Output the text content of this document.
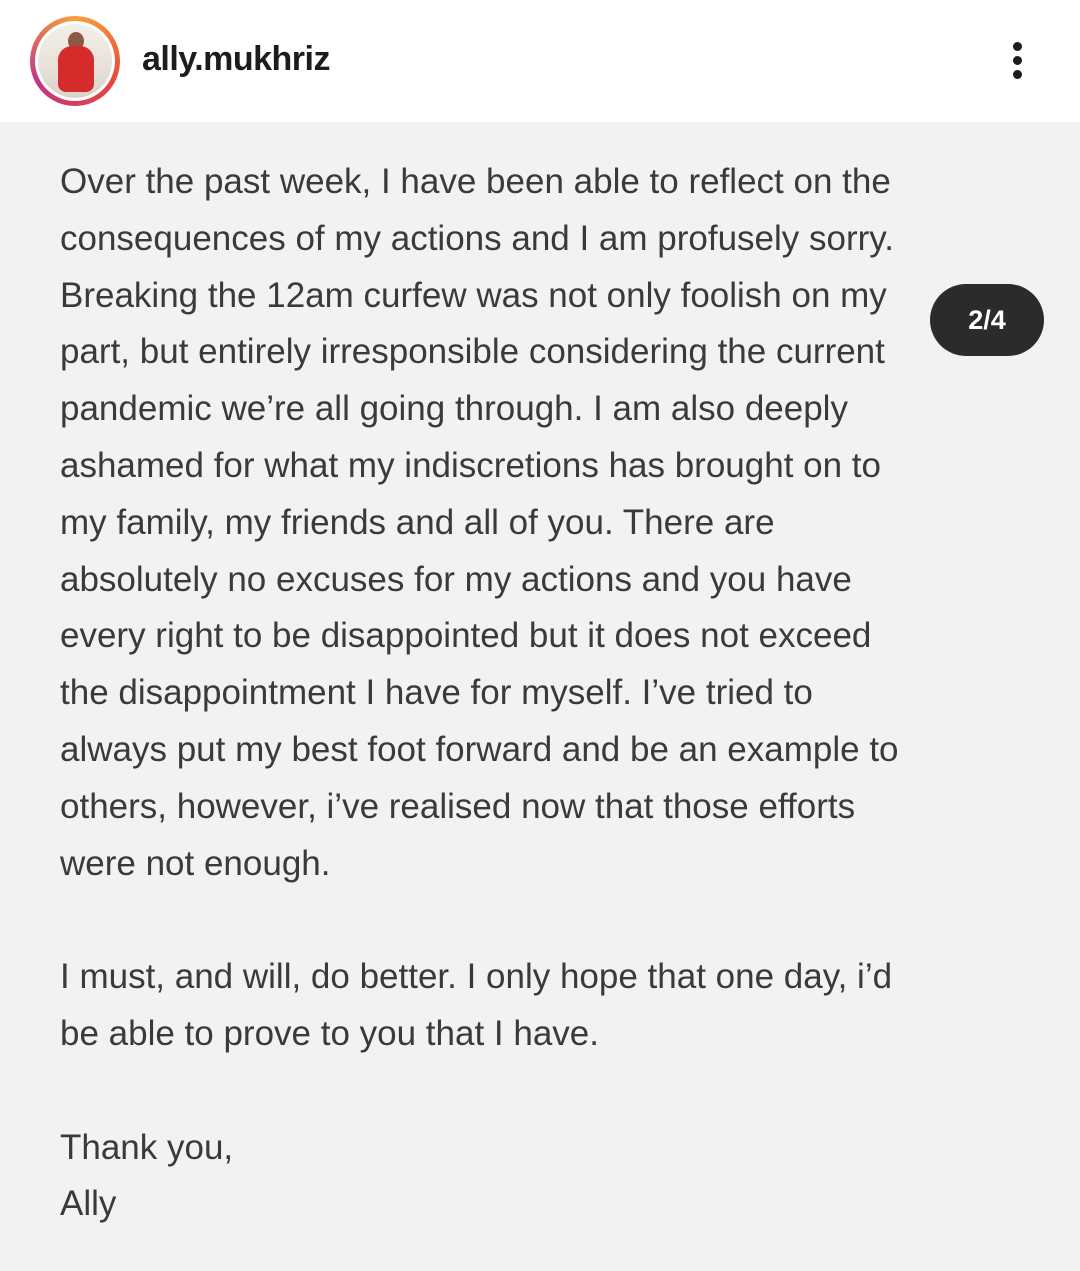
ally.mukhriz
2/4

Over the past week, I have been able to reflect on the
consequences of my actions and I am profusely sorry.
Breaking the 12am curfew was not only foolish on my
part, but entirely irresponsible considering the current
pandemic we’re all going through. I am also deeply
ashamed for what my indiscretions has brought on to
my family, my friends and all of you. There are
absolutely no excuses for my actions and you have
every right to be disappointed but it does not exceed
the disappointment I have for myself. I’ve tried to
always put my best foot forward and be an example to
others, however, i’ve realised now that those efforts
were not enough.

I must, and will, do better. I only hope that one day, i’d
be able to prove to you that I have.

Thank you,
Ally
